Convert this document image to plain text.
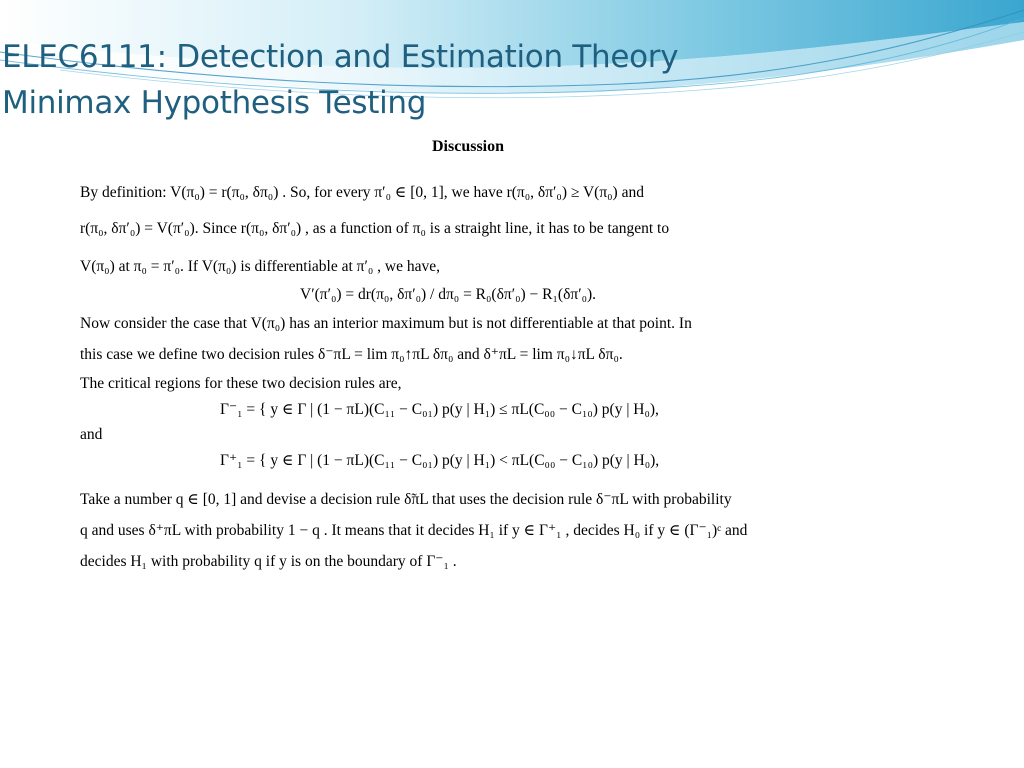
ELEC6111: Detection and Estimation Theory
Minimax Hypothesis Testing
Discussion
By definition: V(π₀) = r(π₀, δπ₀) . So, for every π′₀ ∈ [0, 1], we have r(π₀, δπ′₀) ≥ V(π₀) and
r(π₀, δπ′₀) = V(π′₀). Since r(π₀, δπ′₀) , as a function of π₀ is a straight line, it has to be tangent to
V(π₀) at π₀ = π′₀. If V(π₀) is differentiable at π′₀ , we have,
V′(π′₀) = dr(π₀, δπ′₀) / dπ₀ = R₀(δπ′₀) − R₁(δπ′₀).
Now consider the case that V(π₀) has an interior maximum but is not differentiable at that point. In
this case we define two decision rules δ⁻πL = lim π₀↑πL δπ₀ and δ⁺πL = lim π₀↓πL δπ₀.
The critical regions for these two decision rules are,
Γ⁻₁ = { y ∈ Γ | (1 − πL)(C₁₁ − C₀₁) p(y | H₁) ≤ πL(C₀₀ − C₁₀) p(y | H₀),
and
Γ⁺₁ = { y ∈ Γ | (1 − πL)(C₁₁ − C₀₁) p(y | H₁) < πL(C₀₀ − C₁₀) p(y | H₀),
Take a number q ∈ [0, 1] and devise a decision rule δ̃πL that uses the decision rule δ⁻πL with probability
q and uses δ⁺πL with probability 1 − q . It means that it decides H₁ if y ∈ Γ⁺₁ , decides H₀ if y ∈ (Γ⁻₁)ᶜ and
decides H₁ with probability q if y is on the boundary of Γ⁻₁ .
